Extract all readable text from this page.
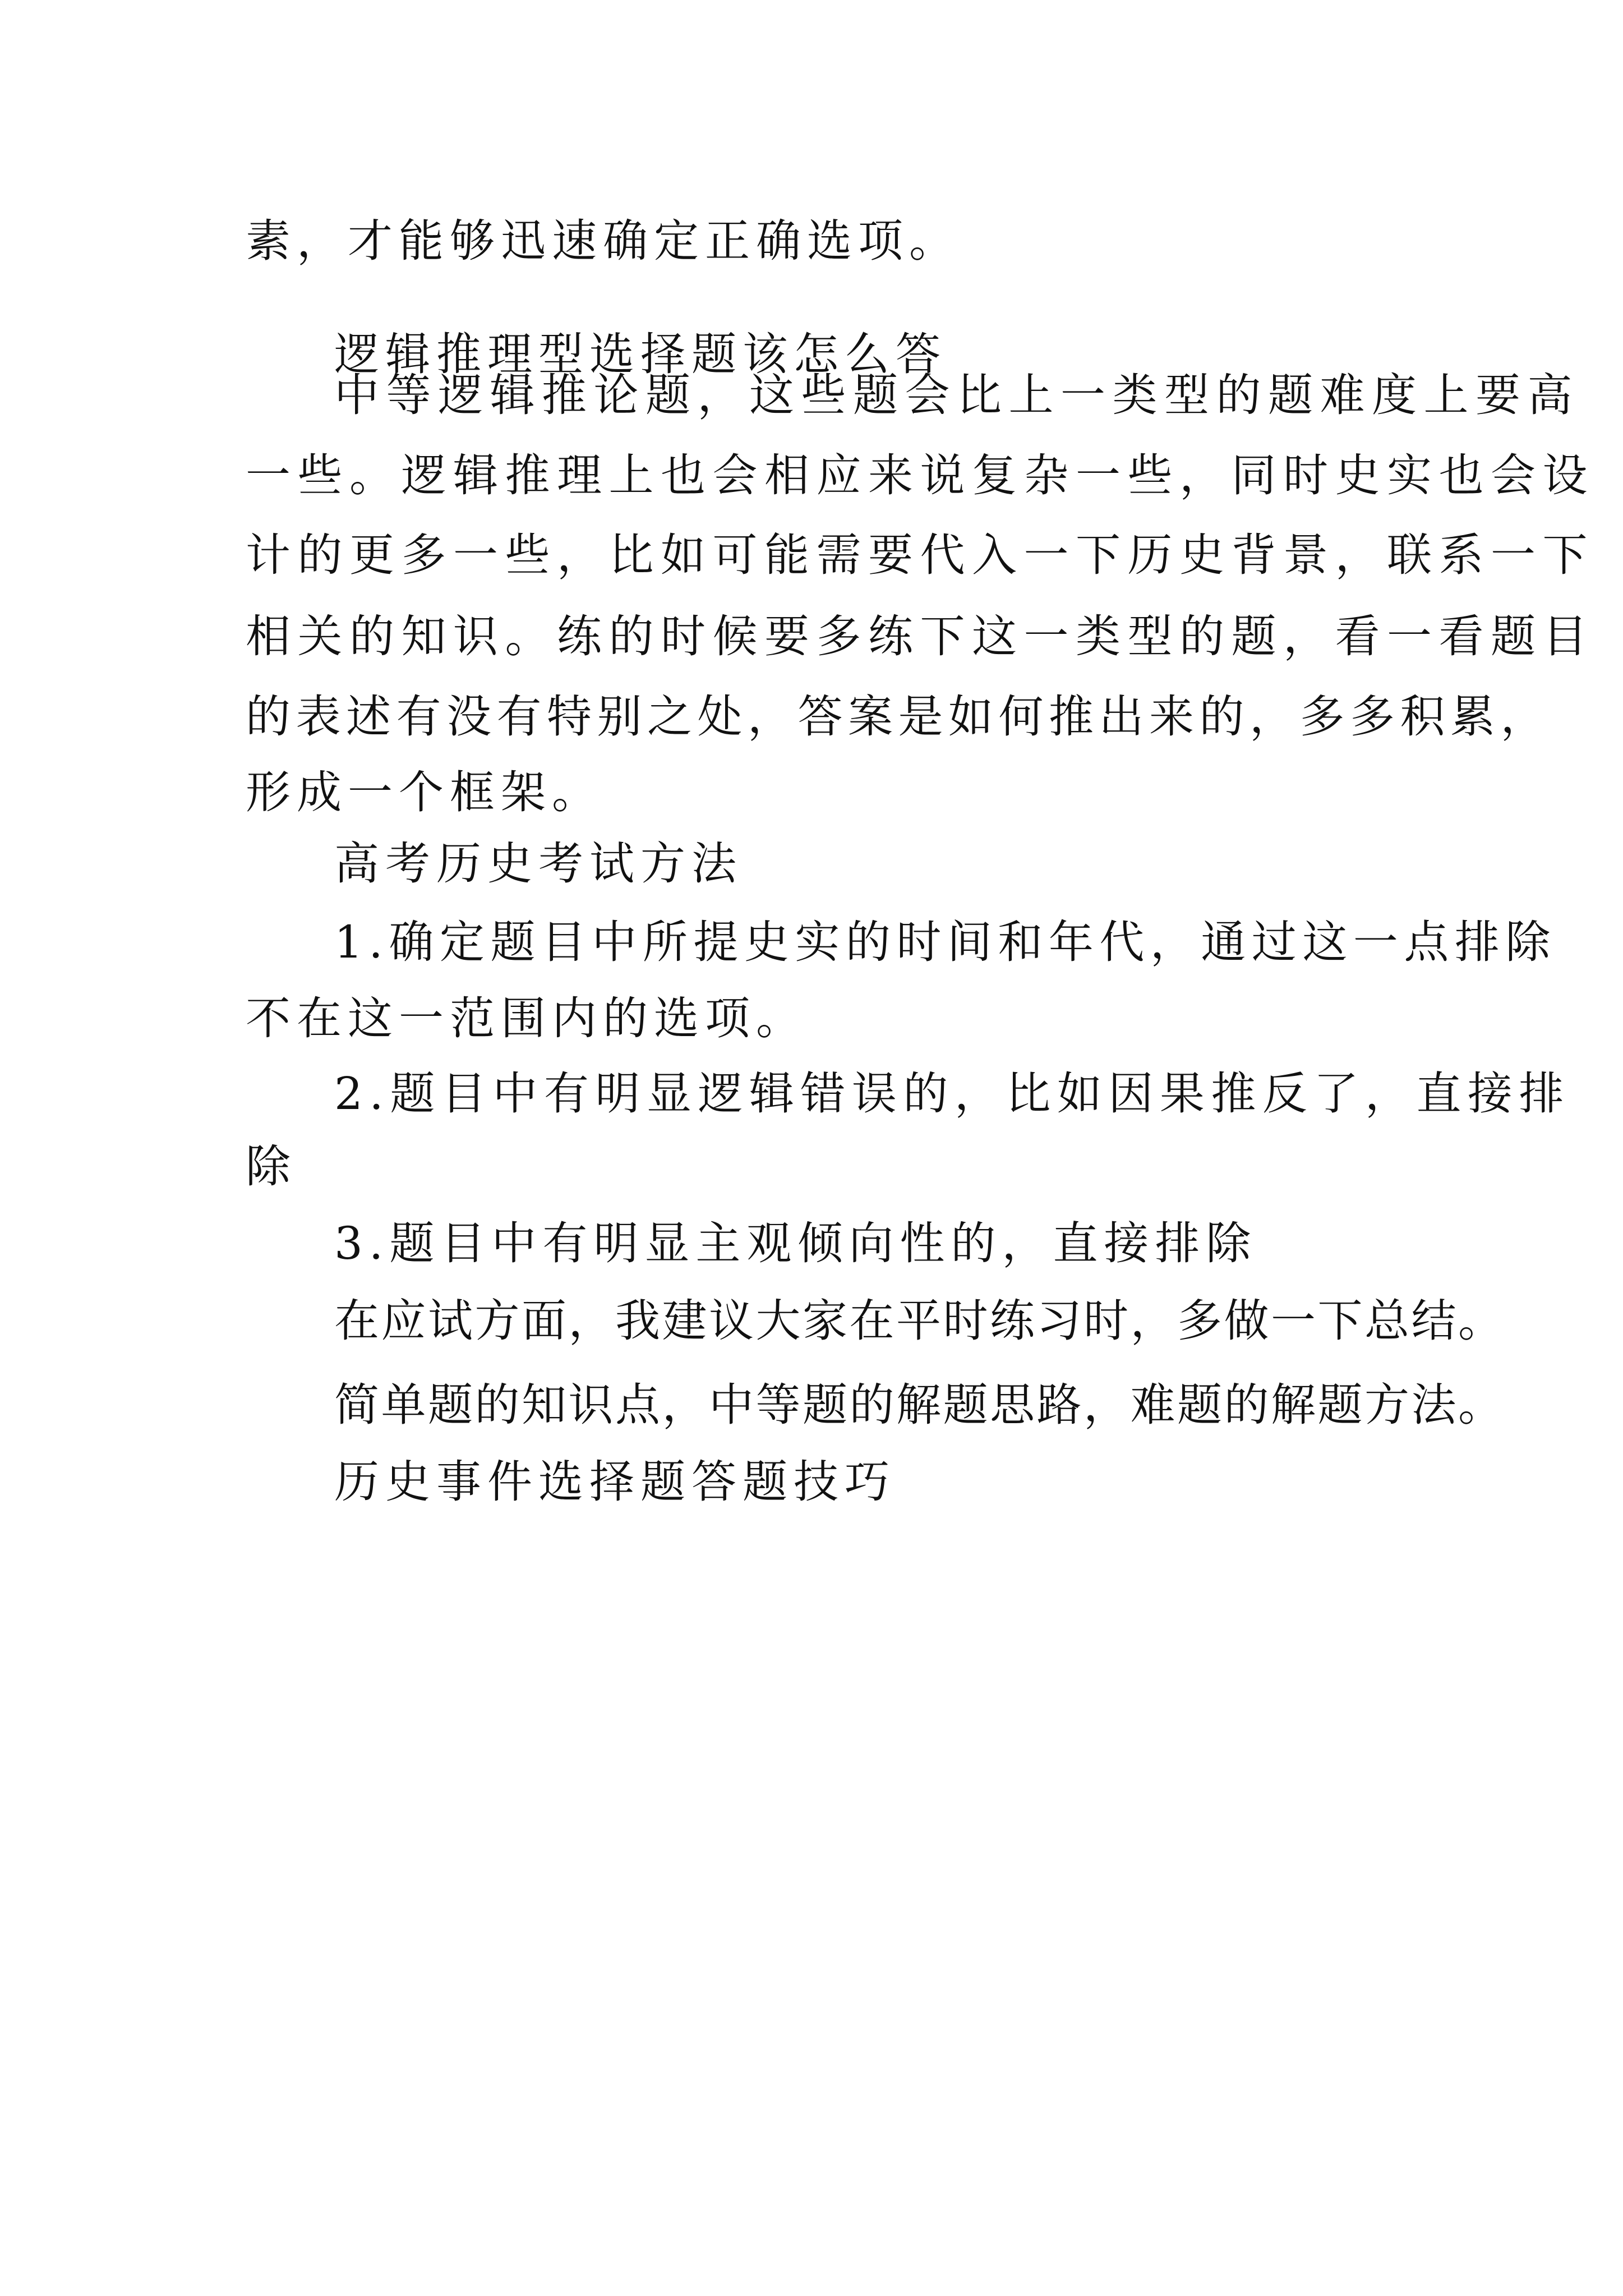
素，才能够迅速确定正确选项。
逻辑推理型选择题该怎么答
中等逻辑推论题，这些题会比上一类型的题难度上要高
一些。逻辑推理上也会相应来说复杂一些，同时史实也会设
计的更多一些，比如可能需要代入一下历史背景，联系一下
相关的知识。练的时候要多练下这一类型的题，看一看题目
的表述有没有特别之处，答案是如何推出来的，多多积累，
形成一个框架。
高考历史考试方法
1.确定题目中所提史实的时间和年代，通过这一点排除
不在这一范围内的选项。
2.题目中有明显逻辑错误的，比如因果推反了，直接排
除
3.题目中有明显主观倾向性的，直接排除
在应试方面，我建议大家在平时练习时，多做一下总结。
简单题的知识点，中等题的解题思路，难题的解题方法。
历史事件选择题答题技巧
